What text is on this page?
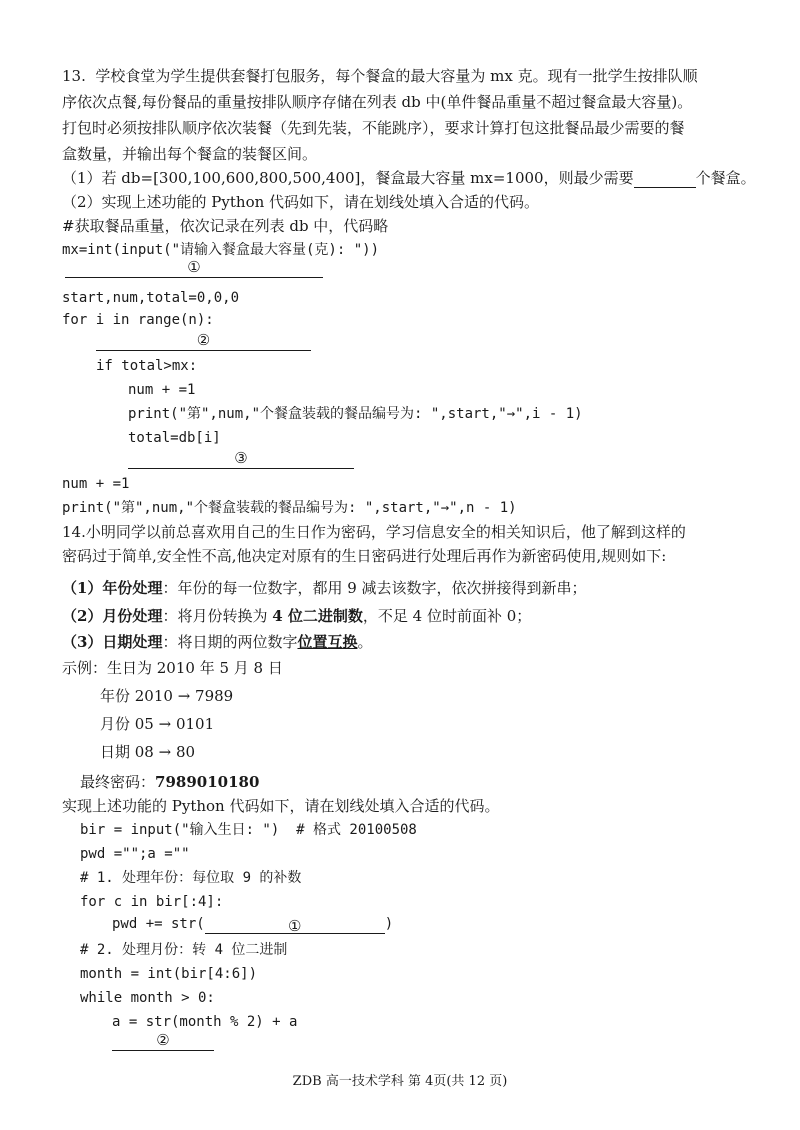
13.  学校食堂为学生提供套餐打包服务，每个餐盒的最大容量为 mx 克。现有一批学生按排队顺
序依次点餐,每份餐品的重量按排队顺序存储在列表 db 中(单件餐品重量不超过餐盒最大容量)。
打包时必须按排队顺序依次装餐（先到先装，不能跳序），要求计算打包这批餐品最少需要的餐
盒数量，并输出每个餐盒的装餐区间。
（1）若 db=[300,100,600,800,500,400]，餐盒最大容量 mx=1000，则最少需要	个餐盒。
（2）实现上述功能的 Python 代码如下，请在划线处填入合适的代码。
#获取餐品重量，依次记录在列表 db 中，代码略
mx=int(input("请输入餐盒最大容量(克): "))
①
start,num,total=0,0,0
for i in range(n):
②
if total>mx:
num + =1
print("第",num,"个餐盒装载的餐品编号为: ",start,"→",i - 1)
total=db[i]
③
num + =1
print("第",num,"个餐盒装载的餐品编号为: ",start,"→",n - 1)
14.小明同学以前总喜欢用自己的生日作为密码，学习信息安全的相关知识后，他了解到这样的
密码过于简单,安全性不高,他决定对原有的生日密码进行处理后再作为新密码使用,规则如下:
（1）年份处理：年份的每一位数字，都用 9 减去该数字，依次拼接得到新串；
（2）月份处理：将月份转换为 4 位二进制数，不足 4 位时前面补 0；
（3）日期处理：将日期的两位数字位置互换。
示例：生日为 2010 年 5 月 8 日
年份 2010 → 7989
月份 05 → 0101
日期 08 → 80
最终密码：7989010180
实现上述功能的 Python 代码如下，请在划线处填入合适的代码。
bir = input("输入生日: ")  # 格式 20100508
pwd ="";a =""
# 1. 处理年份：每位取 9 的补数
for c in bir[:4]:
pwd += str(	①	)
# 2. 处理月份：转 4 位二进制
month = int(bir[4:6])
while month > 0:
a = str(month % 2) + a
②
ZDB 高一技术学科 第 4页(共 12 页)
